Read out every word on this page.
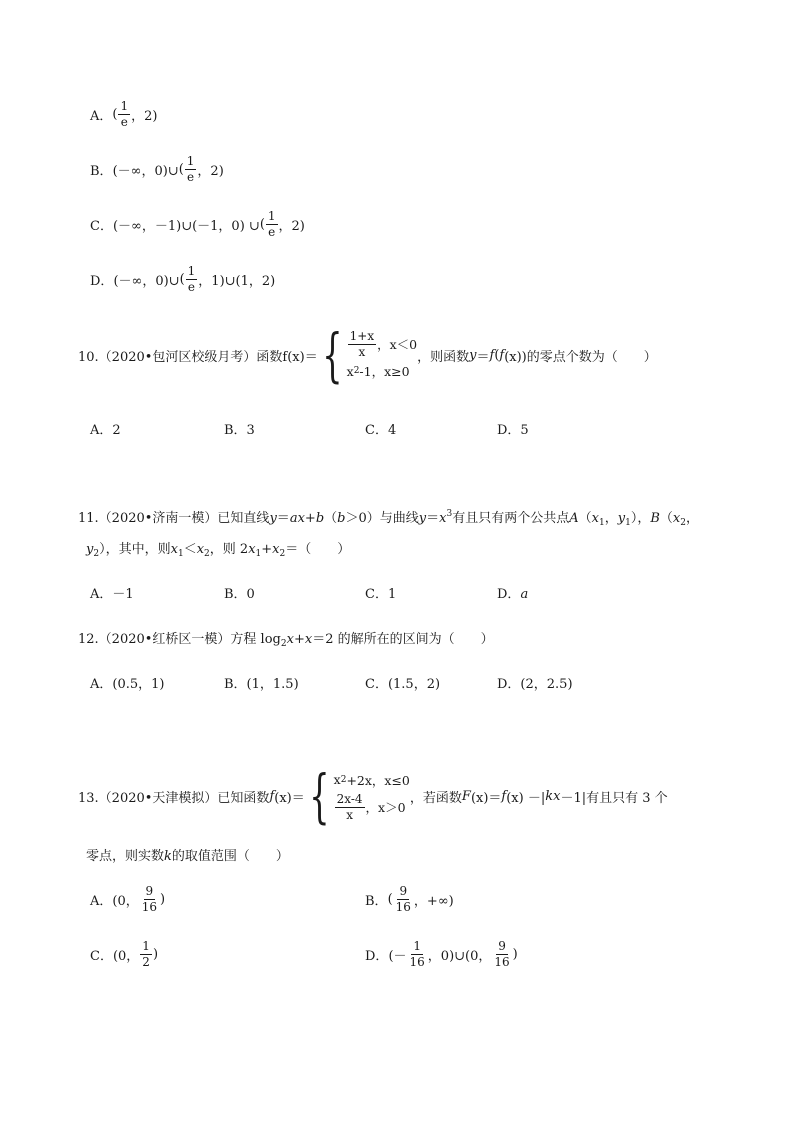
A． ( $\frac{1}{e}$ ，2)
B． (－∞，0)∪ ( $\frac{1}{e}$ ，2)
C． (－∞，－1)∪(－1，0) ∪ ( $\frac{1}{e}$ ，2)
D． (－∞，0)∪ ( $\frac{1}{e}$ ，1)∪(1，2)
10.（2020•包河区校级月考）函数f(x)＝ { $\frac{1+x}{x}$ ，x＜0
x 2 -1，x≥0
，则函数 y ＝ f ( f (x))的零点个数为（　　）
A．2	B．3	C．4	D．5
11.（2020•济南一模）已知直线y＝ax+b（b＞0）与曲线$y=x^3$有且只有两个公共点$A(x_1$，$y_1$），$B(x_2$，
$y_2$），其中，则$x_1<x_2$，则 $2x_1+x_2=$（　　）
A．－1	B．0	C．1	D．a
12.（2020•红桥区一模）方程 $\log_2x+x=2$ 的解所在的区间为（　　）
A．(0.5，1)	B．(1，1.5)	C．(1.5，2)	D．(2，2.5)
13.（2020•天津模拟）已知函数 f (x)＝ { x 2 +2x，x≤0
$\frac{2x-4}{x}$ ，x＞0
，若函数 F (x)＝ f (x) －| kx －1|有且只有 3 个
零点，则实数k的取值范围（　　）
A． (0， $\frac{9}{16}$ )	B． ( $\frac{9}{16}$ ，+∞)
C． (0， $\frac{1}{2}$ )	D． (－ $\frac{1}{16}$ ，0)∪(0， $\frac{9}{16}$ )
